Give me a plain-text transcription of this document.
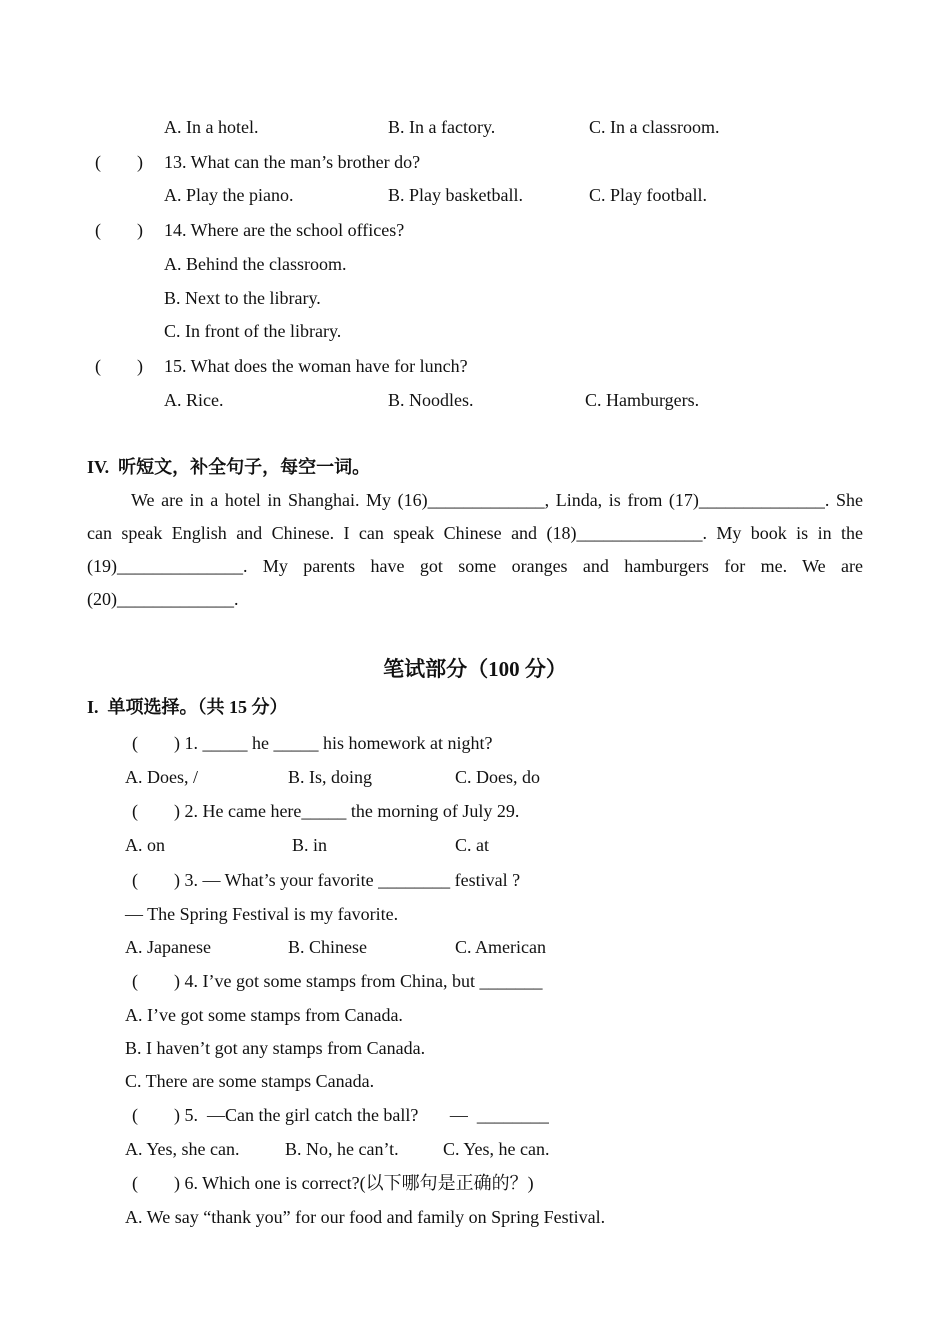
A. In a hotel.	B. In a factory.	C. In a classroom.
(　　) 13. What can the man’s brother do?
A. Play the piano.	B. Play basketball.	C. Play football.
(　　) 14. Where are the school offices?
A. Behind the classroom.
B. Next to the library.
C. In front of the library.
(　　) 15. What does the woman have for lunch?
A. Rice.	B. Noodles.	C. Hamburgers.
IV.  听短文，补全句子，每空一词。
We are in a hotel in Shanghai. My (16)_____________, Linda, is from (17)______________. She can speak English and Chinese. I can speak Chinese and (18)______________. My book is in the (19)______________. My parents have got some oranges and hamburgers for me. We are (20)_____________.
笔试部分（100 分）
I.  单项选择。（共 15 分）
(　　) 1. _____ he _____ his homework at night?
A. Does, /	B. Is, doing	C. Does, do
(　　) 2. He came here_____ the morning of July 29.
A. on	B. in	C. at
(　　) 3. — What’s your favorite ________ festival ?
— The Spring Festival is my favorite.
A. Japanese	B. Chinese	C. American
(　　) 4. I’ve got some stamps from China, but _______
A. I’ve got some stamps from Canada.
B. I haven’t got any stamps from Canada.
C. There are some stamps Canada.
(　　) 5.  —Can the girl catch the ball?       —  ________
A. Yes, she can.	B. No, he can’t. C. Yes, he can.
(　　) 6. Which one is correct?(以下哪句是正确的？)
A. We say “thank you” for our food and family on Spring Festival.
